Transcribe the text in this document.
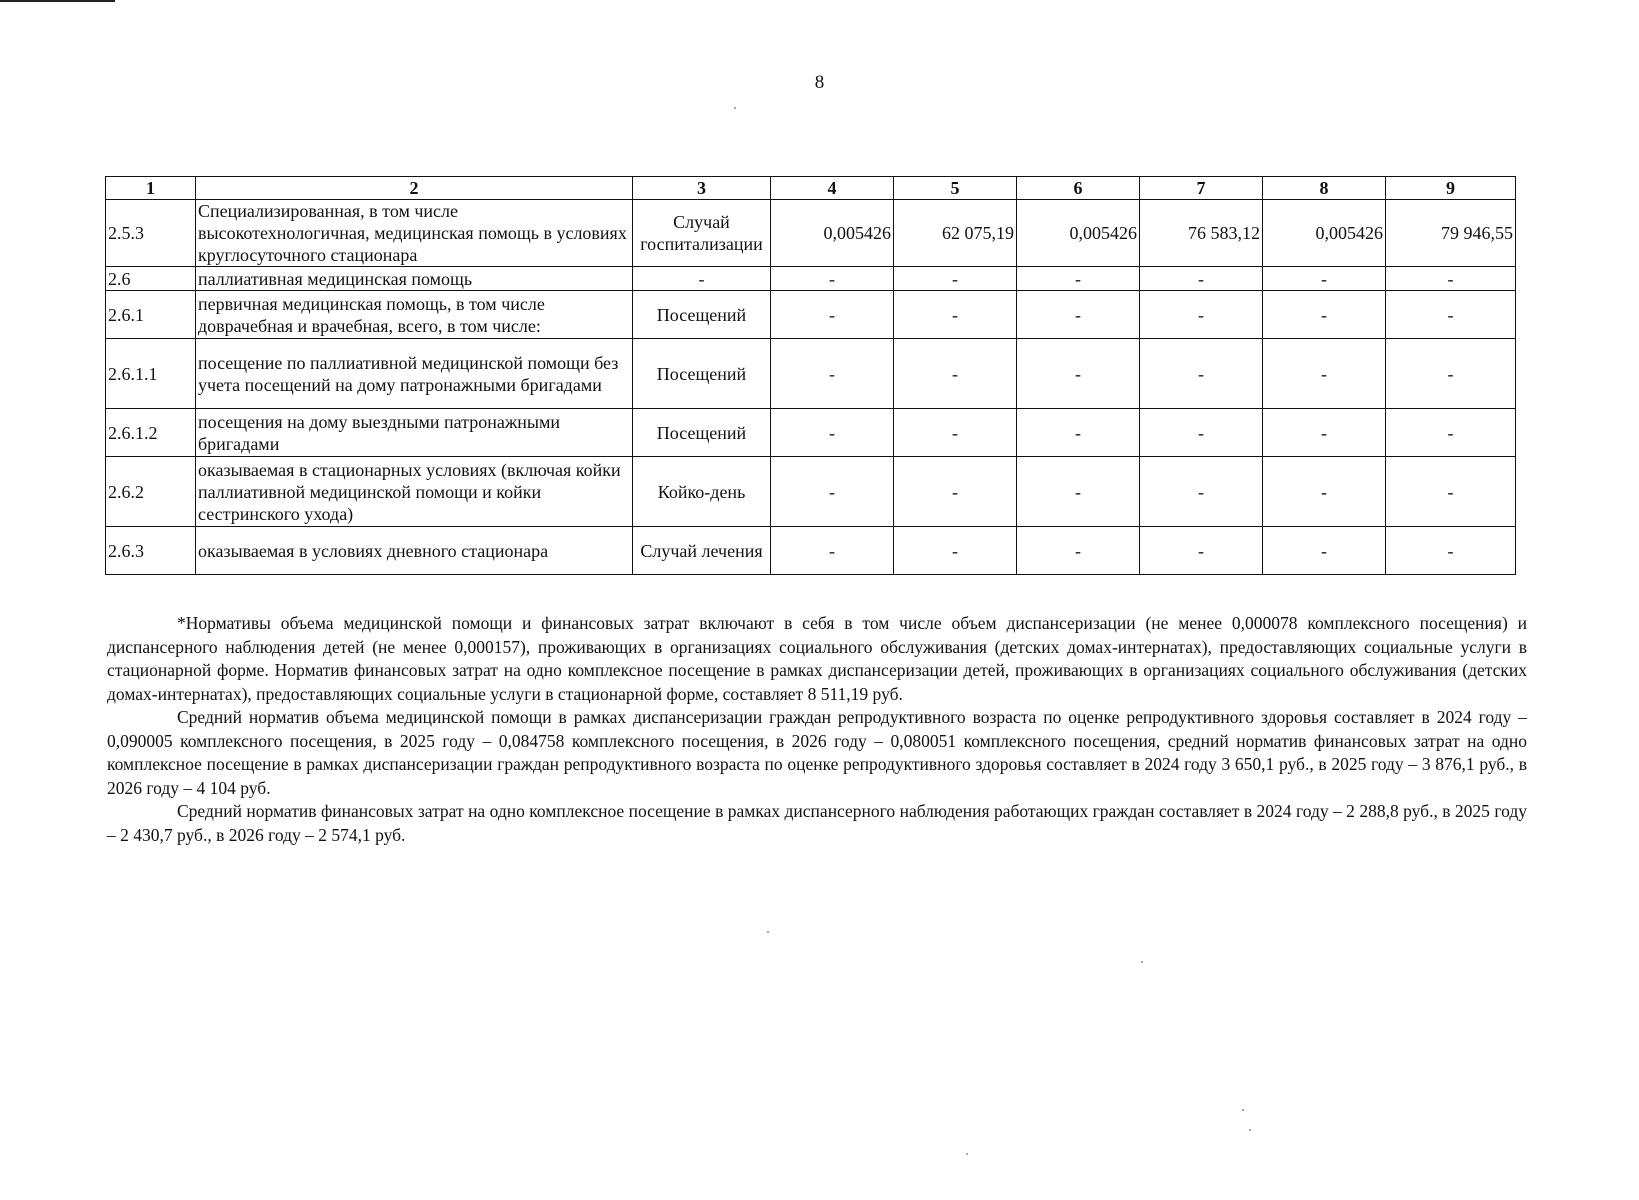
8
1	2	3	4	5	6	7	8	9
2.5.3	Специализированная, в том числе высокотехнологичная, медицинская помощь в условиях круглосуточного стационара	Случай госпитализации	0,005426	62 075,19	0,005426	76 583,12	0,005426	79 946,55
2.6	паллиативная медицинская помощь	-	-	-	-	-	-	-
2.6.1	первичная медицинская помощь, в том числе доврачебная и врачебная, всего, в том числе:	Посещений	-	-	-	-	-	-
2.6.1.1	посещение по паллиативной медицинской помощи без учета посещений на дому патронажными бригадами	Посещений	-	-	-	-	-	-
2.6.1.2	посещения на дому выездными патронажными бригадами	Посещений	-	-	-	-	-	-
2.6.2	оказываемая в стационарных условиях (включая койки паллиативной медицинской помощи и койки сестринского ухода)	Койко-день	-	-	-	-	-	-
2.6.3	оказываемая в условиях дневного стационара	Случай лечения	-	-	-	-	-	-

*Нормативы объема медицинской помощи и финансовых затрат включают в себя в том числе объем диспансеризации (не менее 0,000078 комплексного посещения) и диспансерного наблюдения детей (не менее 0,000157), проживающих в организациях социального обслуживания (детских домах-интернатах), предоставляющих социальные услуги в стационарной форме. Норматив финансовых затрат на одно комплексное посещение в рамках диспансеризации детей, проживающих в организациях социального обслуживания (детских домах-интернатах), предоставляющих социальные услуги в стационарной форме, составляет 8 511,19 руб.

Средний норматив объема медицинской помощи в рамках диспансеризации граждан репродуктивного возраста по оценке репродуктивного здоровья составляет в 2024 году – 0,090005 комплексного посещения, в 2025 году – 0,084758 комплексного посещения, в 2026 году – 0,080051 комплексного посещения, средний норматив финансовых затрат на одно комплексное посещение в рамках диспансеризации граждан репродуктивного возраста по оценке репродуктивного здоровья составляет в 2024 году 3 650,1 руб., в 2025 году – 3 876,1 руб., в 2026 году – 4 104 руб.

Средний норматив финансовых затрат на одно комплексное посещение в рамках диспансерного наблюдения работающих граждан составляет в 2024 году – 2 288,8 руб., в 2025 году – 2 430,7 руб., в 2026 году – 2 574,1 руб.
